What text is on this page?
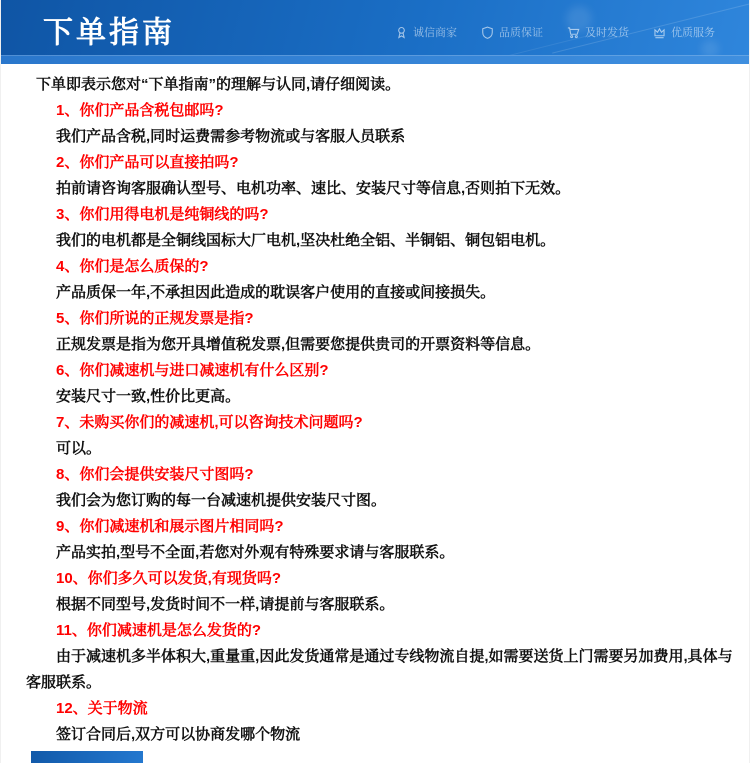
下单指南	诚信商家	品质保证	及时发货	优质服务

下单即表示您对“下单指南”的理解与认同,请仔细阅读。

1、你们产品含税包邮吗?

我们产品含税,同时运费需参考物流或与客服人员联系

2、你们产品可以直接拍吗?

拍前请咨询客服确认型号、电机功率、速比、安装尺寸等信息,否则拍下无效。

3、你们用得电机是纯铜线的吗?

我们的电机都是全铜线国标大厂电机,坚决杜绝全铝、半铜铝、铜包铝电机。

4、你们是怎么质保的?

产品质保一年,不承担因此造成的耽误客户使用的直接或间接损失。

5、你们所说的正规发票是指?

正规发票是指为您开具增值税发票,但需要您提供贵司的开票资料等信息。

6、你们减速机与进口减速机有什么区别?

安装尺寸一致,性价比更高。

7、未购买你们的减速机,可以咨询技术问题吗?

可以。

8、你们会提供安装尺寸图吗?

我们会为您订购的每一台减速机提供安装尺寸图。

9、你们减速机和展示图片相同吗?

产品实拍,型号不全面,若您对外观有特殊要求请与客服联系。

10、你们多久可以发货,有现货吗?

根据不同型号,发货时间不一样,请提前与客服联系。

11、你们减速机是怎么发货的?

由于减速机多半体积大,重量重,因此发货通常是通过专线物流自提,如需要送货上门需要另加费用,具体与客服联系。

12、关于物流

签订合同后,双方可以协商发哪个物流
